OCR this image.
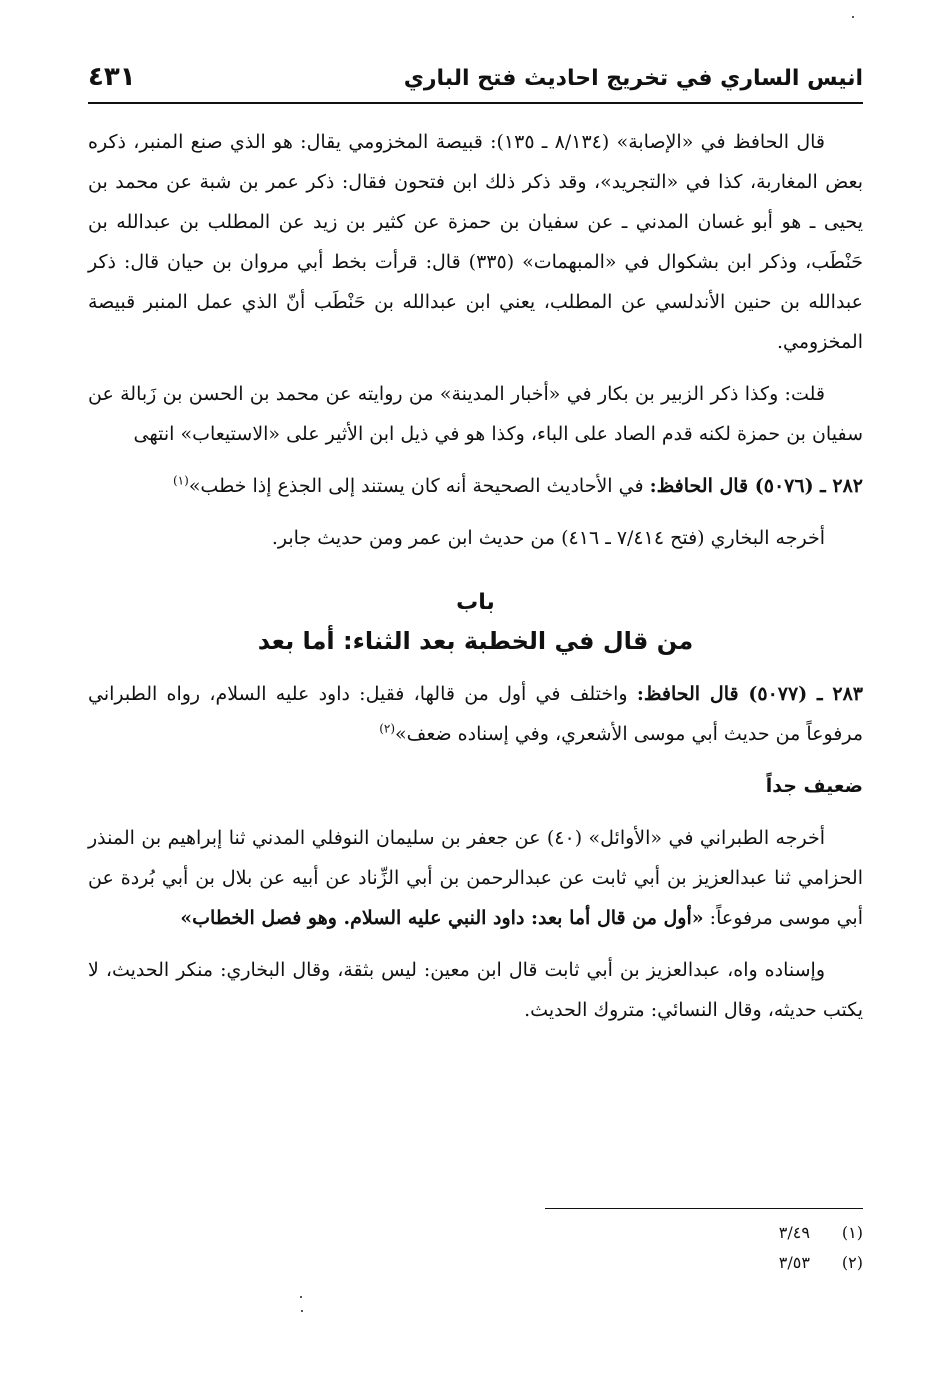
انيس الساري في تخريج احاديث فتح الباري
٤٣١

قال الحافظ في «الإصابة» (٨/١٣٤ ـ ١٣٥): قبيصة المخزومي يقال: هو الذي صنع المنبر، ذكره بعض المغاربة، كذا في «التجريد»، وقد ذكر ذلك ابن فتحون فقال: ذكر عمر بن شبة عن محمد بن يحيى ـ هو أبو غسان المدني ـ عن سفيان بن حمزة عن كثير بن زيد عن المطلب بن عبدالله بن حَنْطَب، وذكر ابن بشكوال في «المبهمات» (٣٣٥) قال: قرأت بخط أبي مروان بن حيان قال: ذكر عبدالله بن حنين الأندلسي عن المطلب، يعني ابن عبدالله بن حَنْطَب أنّ الذي عمل المنبر قبيصة المخزومي.

قلت: وكذا ذكر الزبير بن بكار في «أخبار المدينة» من روايته عن محمد بن الحسن بن زَبالة عن سفيان بن حمزة لكنه قدم الصاد على الباء، وكذا هو في ذيل ابن الأثير على «الاستيعاب» انتهى

٢٨٢ ـ (٥٠٧٦) قال الحافظ: في الأحاديث الصحيحة أنه كان يستند إلى الجذع إذا خطب»$^{(١)}$

أخرجه البخاري (فتح ٧/٤١٤ ـ ٤١٦) من حديث ابن عمر ومن حديث جابر.

باب
من قال في الخطبة بعد الثناء: أما بعد

٢٨٣ ـ (٥٠٧٧) قال الحافظ: واختلف في أول من قالها، فقيل: داود عليه السلام، رواه الطبراني مرفوعاً من حديث أبي موسى الأشعري، وفي إسناده ضعف»$^{(٢)}$

ضعيف جداً

أخرجه الطبراني في «الأوائل» (٤٠) عن جعفر بن سليمان النوفلي المدني ثنا إبراهيم بن المنذر الحزامي ثنا عبدالعزيز بن أبي ثابت عن عبدالرحمن بن أبي الزِّناد عن أبيه عن بلال بن أبي بُردة عن أبي موسى مرفوعاً: «أول من قال أما بعد: داود النبي عليه السلام. وهو فصل الخطاب»

وإسناده واه، عبدالعزيز بن أبي ثابت قال ابن معين: ليس بثقة، وقال البخاري: منكر الحديث، لا يكتب حديثه، وقال النسائي: متروك الحديث.

(١) ٣/٤٩
(٢) ٣/٥٣
